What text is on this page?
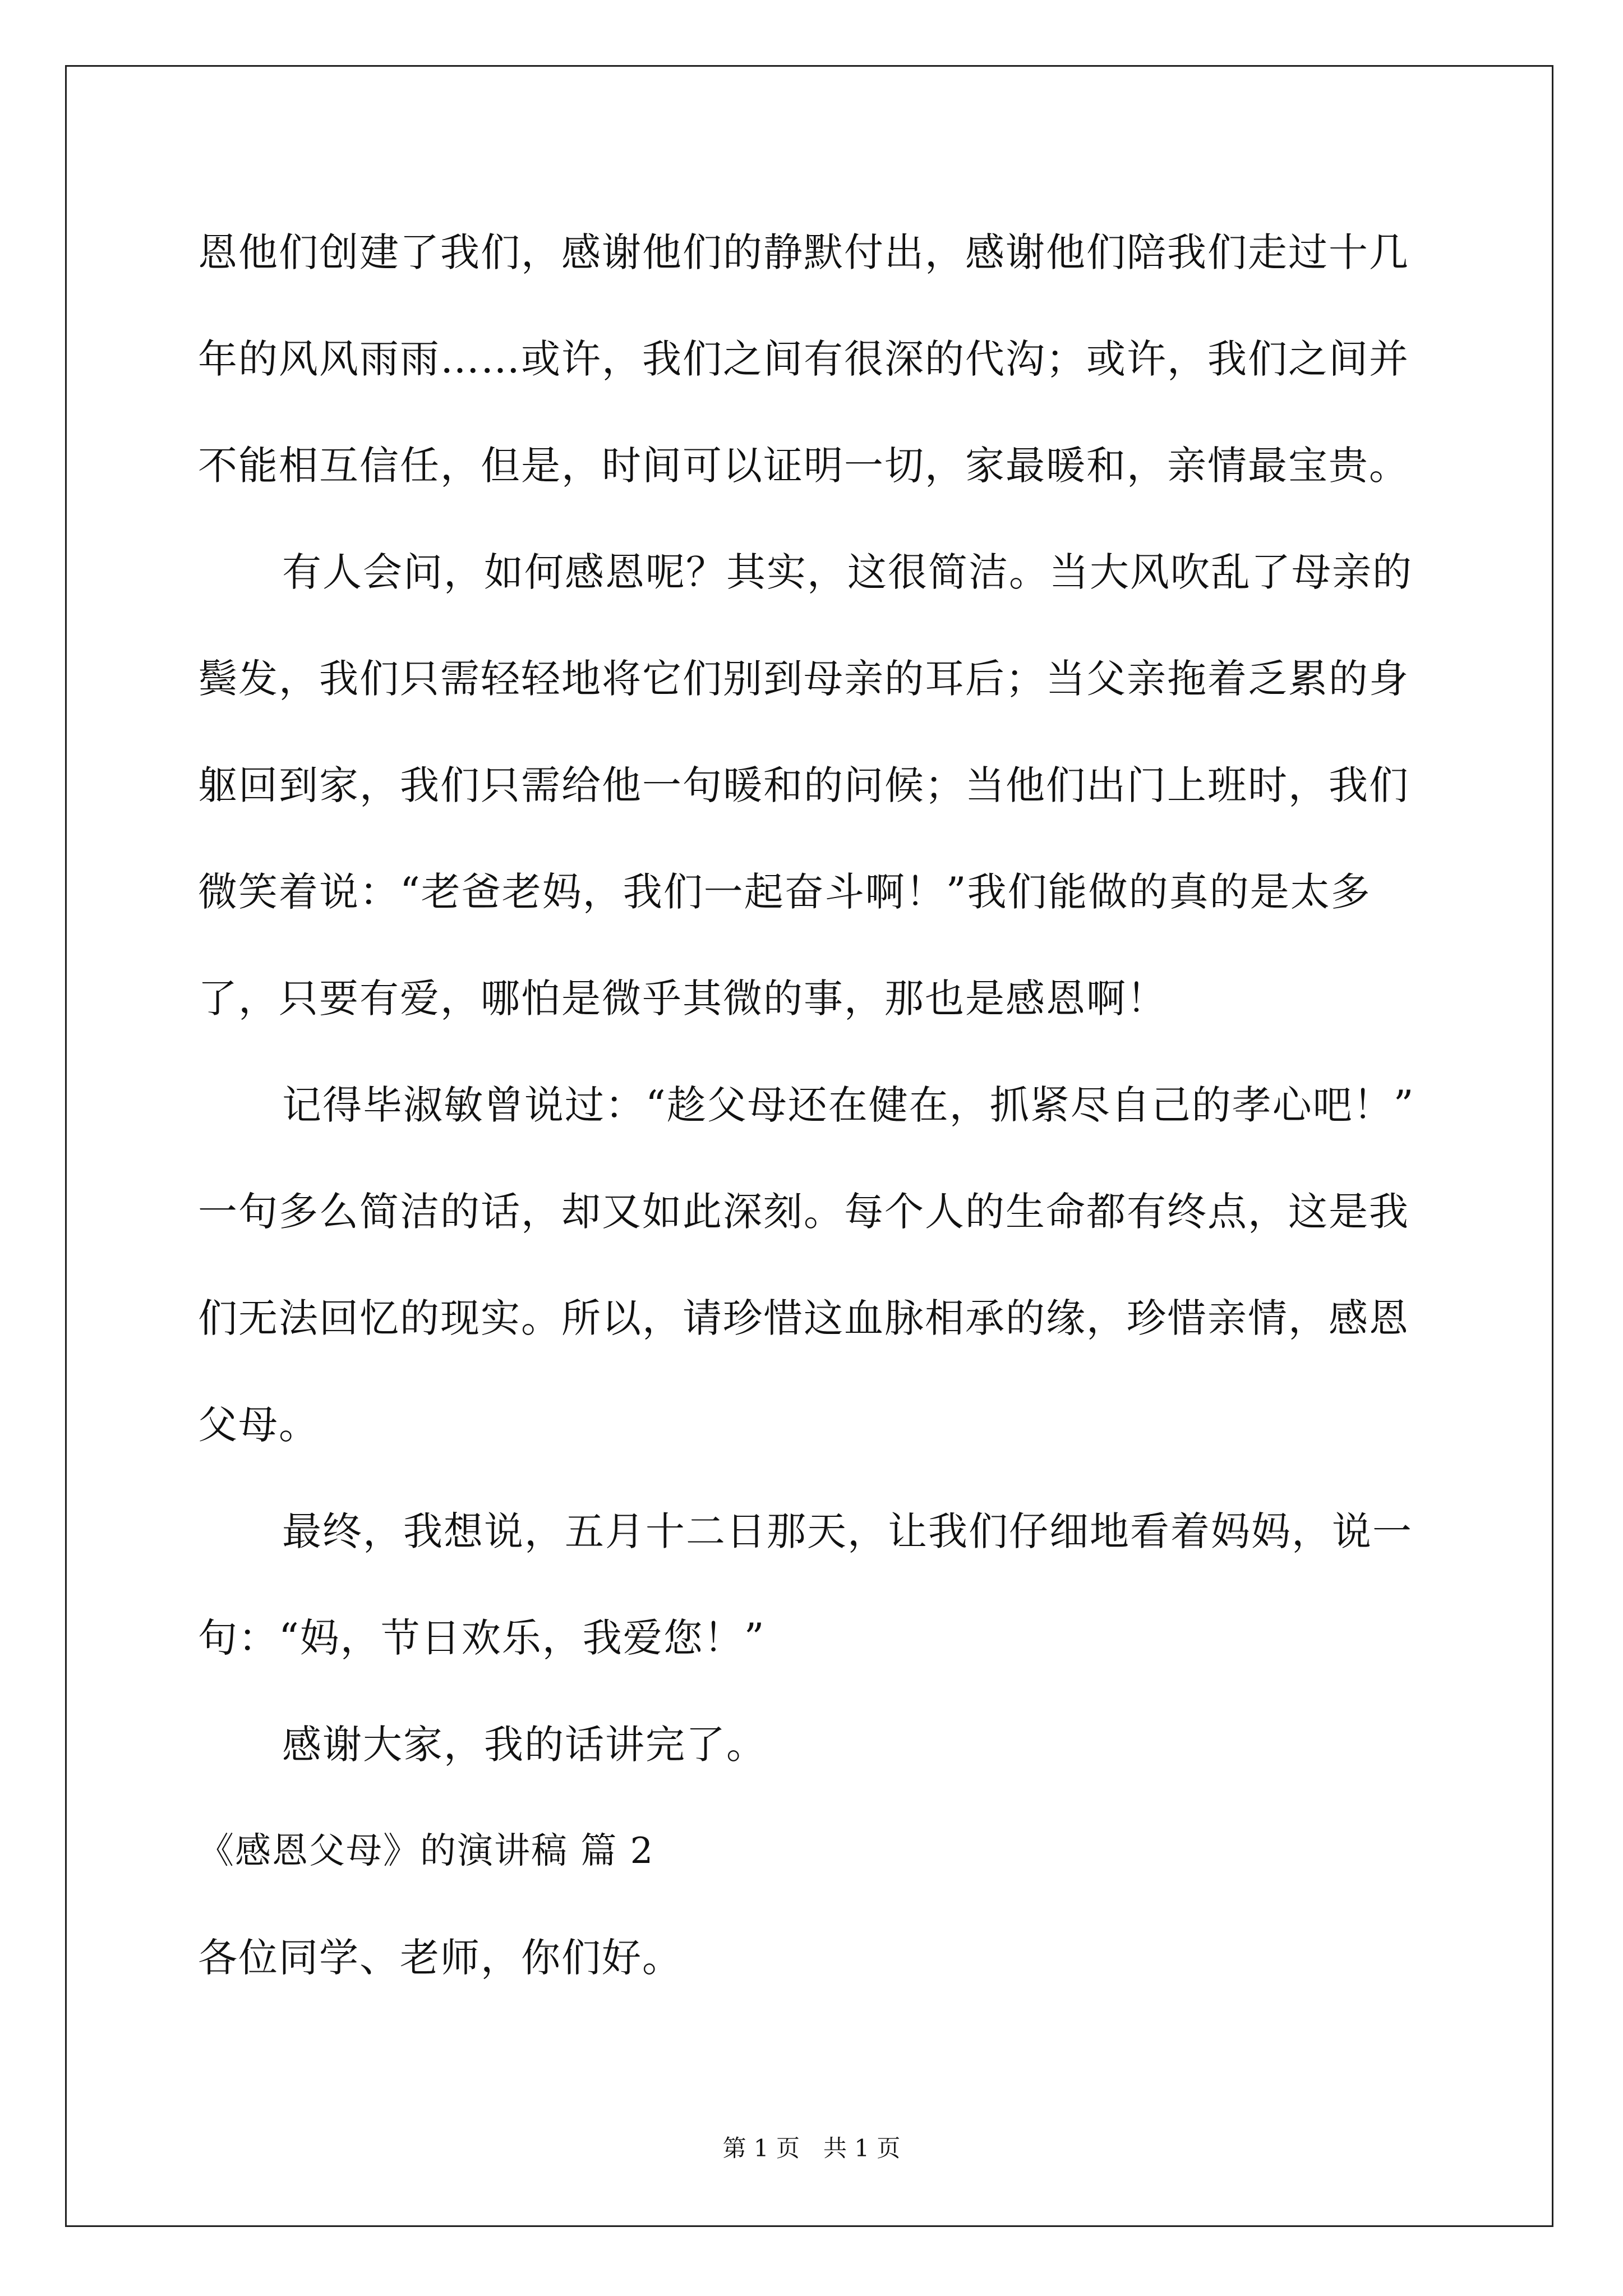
恩他们创建了我们，感谢他们的静默付出，感谢他们陪我们走过十几
年的风风雨雨……或许，我们之间有很深的代沟；或许，我们之间并
不能相互信任，但是，时间可以证明一切，家最暖和，亲情最宝贵。
有人会问，如何感恩呢？其实，这很简洁。当大风吹乱了母亲的
鬓发，我们只需轻轻地将它们别到母亲的耳后；当父亲拖着乏累的身
躯回到家，我们只需给他一句暖和的问候；当他们出门上班时，我们
微笑着说：“老爸老妈，我们一起奋斗啊！”我们能做的真的是太多
了，只要有爱，哪怕是微乎其微的事，那也是感恩啊！
记得毕淑敏曾说过：“趁父母还在健在，抓紧尽自己的孝心吧！”
一句多么简洁的话，却又如此深刻。每个人的生命都有终点，这是我
们无法回忆的现实。所以，请珍惜这血脉相承的缘，珍惜亲情，感恩
父母。
最终，我想说，五月十二日那天，让我们仔细地看着妈妈，说一
句：“妈，节日欢乐，我爱您！”
感谢大家，我的话讲完了。
《感恩父母》的演讲稿 篇 2
各位同学、老师，你们好。
第 1 页　共 1 页
